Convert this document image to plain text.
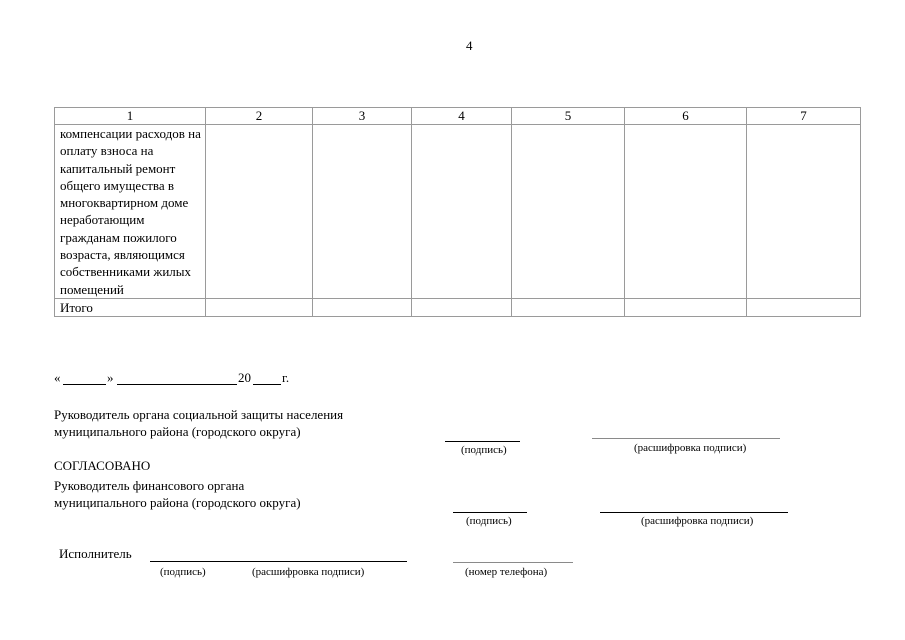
4
1	2	3	4	5	6	7
компенсации расходов на оплату взноса на капитальный ремонт общего имущества в многоквартирном доме неработающим гражданам пожилого возраста, являющимся собственниками жилых помещений						
Итого						
«	»	20 г.
Руководитель органа социальной защиты населения
муниципального района (городского округа)
(подпись)	(расшифровка подписи)
СОГЛАСОВАНО
Руководитель финансового органа
муниципального района (городского округа)
(подпись)	(расшифровка подписи)
Исполнитель
(подпись)	(расшифровка подписи)	(номер телефона)
